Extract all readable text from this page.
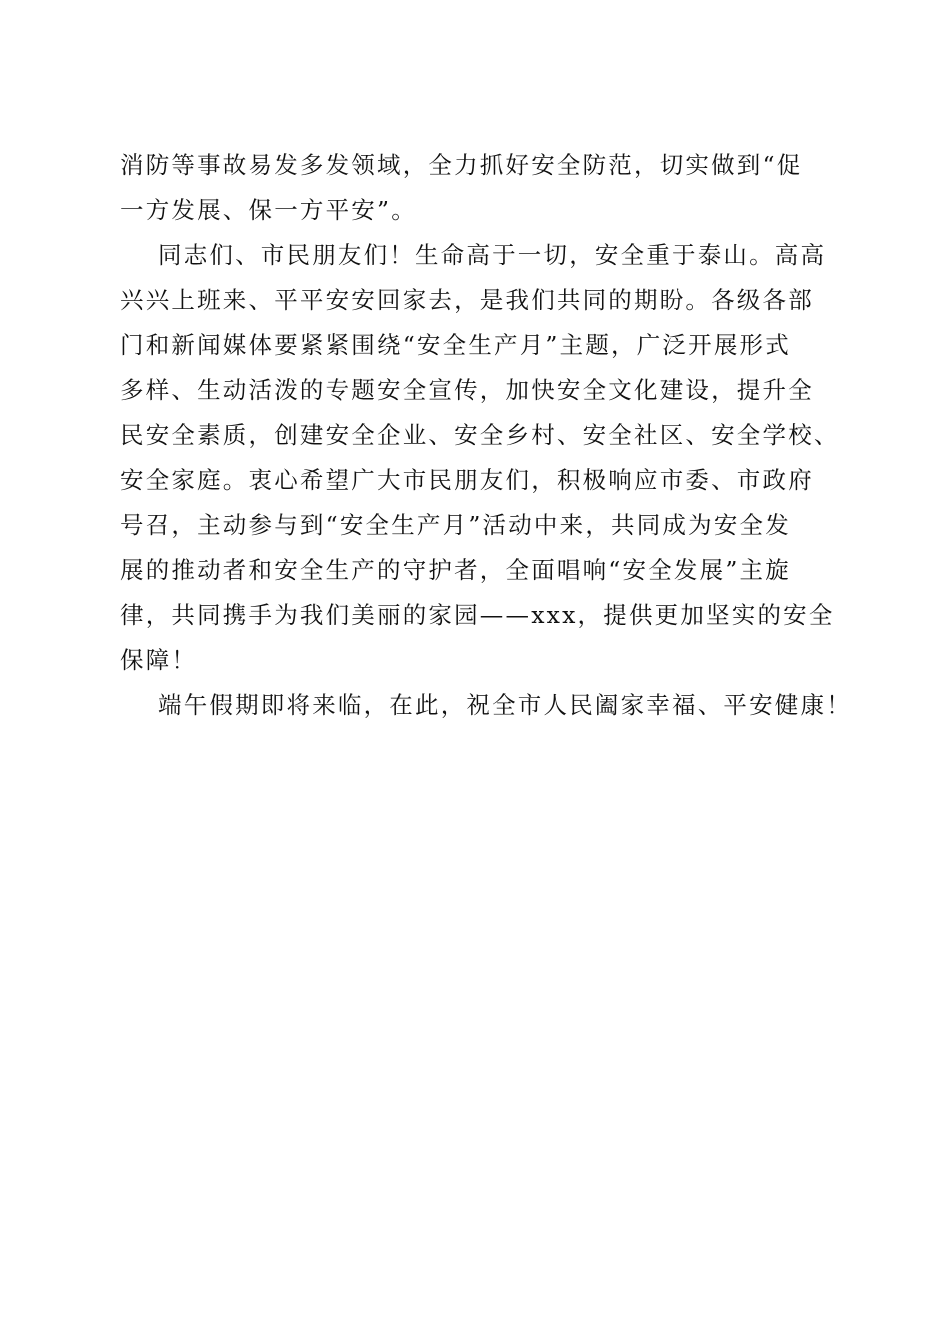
消防等事故易发多发领域，全力抓好安全防范，切实做到“促
一方发展、保一方平安”。
同志们、市民朋友们！生命高于一切，安全重于泰山。高高
兴兴上班来、平平安安回家去，是我们共同的期盼。各级各部
门和新闻媒体要紧紧围绕“安全生产月”主题，广泛开展形式
多样、生动活泼的专题安全宣传，加快安全文化建设，提升全
民安全素质，创建安全企业、安全乡村、安全社区、安全学校、
安全家庭。衷心希望广大市民朋友们，积极响应市委、市政府
号召，主动参与到“安全生产月”活动中来，共同成为安全发
展的推动者和安全生产的守护者，全面唱响“安全发展”主旋
律，共同携手为我们美丽的家园——xxx，提供更加坚实的安全
保障！
端午假期即将来临，在此，祝全市人民阖家幸福、平安健康！
